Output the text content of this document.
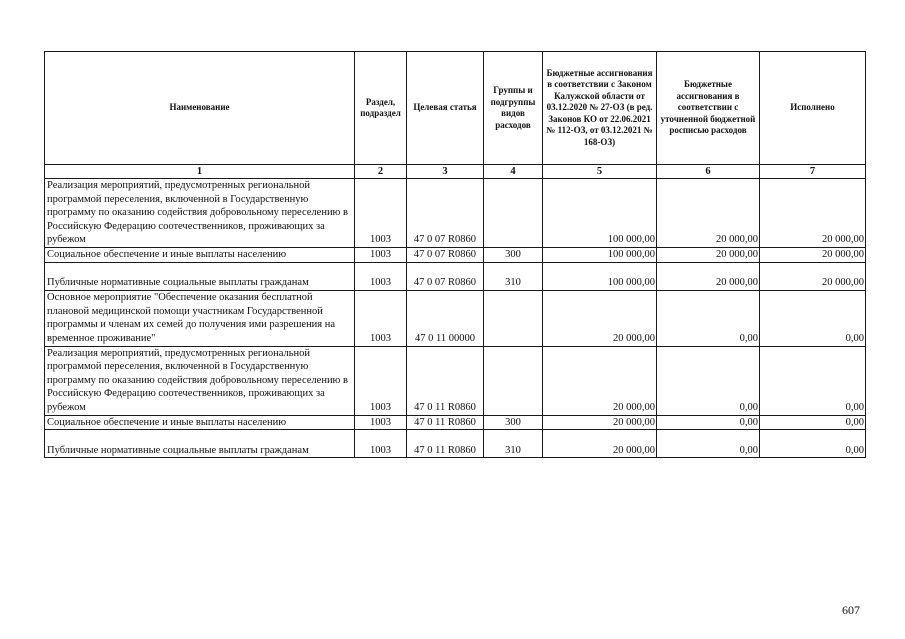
Наименование	Раздел, подраздел	Целевая статья	Группы и подгруппы видов расходов	Бюджетные ассигнования в соответствии с Законом Калужской области от 03.12.2020 № 27-ОЗ (в ред. Законов КО от 22.06.2021 № 112-ОЗ, от 03.12.2021 № 168-ОЗ)	Бюджетные ассигнования в соответствии с уточненной бюджетной росписью расходов	Исполнено
1	2	3	4	5	6	7
Реализация мероприятий, предусмотренных региональной программой переселения, включенной в Государственную программу по оказанию содействия добровольному переселению в Российскую Федерацию соотечественников, проживающих за рубежом	1003	47 0 07 R0860		100 000,00	20 000,00	20 000,00
Социальное обеспечение и иные выплаты населению	1003	47 0 07 R0860	300	100 000,00	20 000,00	20 000,00
Публичные нормативные социальные выплаты гражданам	1003	47 0 07 R0860	310	100 000,00	20 000,00	20 000,00
Основное мероприятие "Обеспечение оказания бесплатной плановой медицинской помощи участникам Государственной программы и членам их семей до получения ими разрешения на временное проживание"	1003	47 0 11 00000		20 000,00	0,00	0,00
Реализация мероприятий, предусмотренных региональной программой переселения, включенной в Государственную программу по оказанию содействия добровольному переселению в Российскую Федерацию соотечественников, проживающих за рубежом	1003	47 0 11 R0860		20 000,00	0,00	0,00
Социальное обеспечение и иные выплаты населению	1003	47 0 11 R0860	300	20 000,00	0,00	0,00
Публичные нормативные социальные выплаты гражданам	1003	47 0 11 R0860	310	20 000,00	0,00	0,00
607
